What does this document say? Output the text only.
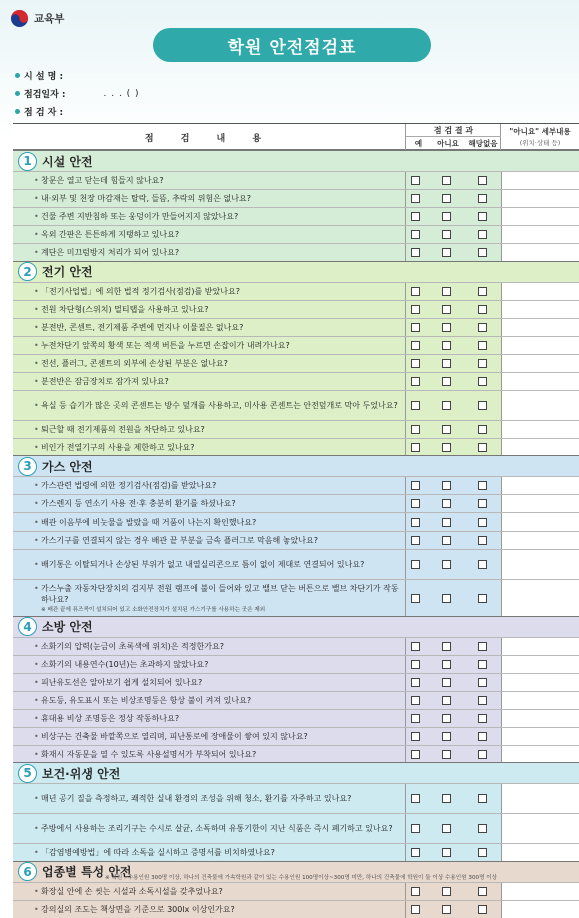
교육부
학원 안전점검표
시 설 명 :
점검일자 :	. . . ( )
점 검 자 :
점 검 내 용
점 검 결 과
예	아니요	해당없음
"아니요" 세부내용
(위치·상태 등)
1 시설 안전
• 창문은 열고 닫는데 힘들지 않나요?
• 내·외부 및 천장 마감재는 탈락, 들뜸, 추락의 위험은 없나요?
• 건물 주변 지반침하 또는 웅덩이가 만들어지지 않았나요?
• 옥외 간판은 튼튼하게 지탱하고 있나요?
• 계단은 미끄럼방지 처리가 되어 있나요?
2 전기 안전
• 「전기사업법」에 의한 법적 정기검사(점검)를 받았나요?
• 전원 차단형(스위치) 멀티탭을 사용하고 있나요?
• 분전반, 콘센트, 전기제품 주변에 먼지나 이물질은 없나요?
• 누전차단기 앞쪽의 황색 또는 적색 버튼을 누르면 손잡이가 내려가나요?
• 전선, 플러그, 콘센트의 외부에 손상된 부분은 없나요?
• 분전반은 잠금장치로 잠가져 있나요?
• 욕실 등 습기가 많은 곳의 콘센트는 방수 덮개를 사용하고, 미사용 콘센트는 안전덮개로 막아 두었나요?
• 퇴근할 때 전기제품의 전원을 차단하고 있나요?
• 비인가 전열기구의 사용을 제한하고 있나요?
3 가스 안전
• 가스관련 법령에 의한 정기검사(점검)를 받았나요?
• 가스렌지 등 연소기 사용 전·후 충분히 환기를 하셨나요?
• 배관 이음부에 비눗물을 발랐을 때 거품이 나는지 확인했나요?
• 가스기구를 연결되지 않는 경우 배관 끝 부분을 금속 플러그로 막음해 놓았나요?
• 배기통은 이탈되거나 손상된 부위가 없고 내열실리콘으로 틈이 없이 제대로 연결되어 있나요?
• 가스누출 자동차단장치의 검지부 전원 램프에 불이 들어와 있고 밸브 닫는 버튼으로 밸브 차단기가 작동 하나요?
※ 배관 끝에 퓨즈콕이 설치되어 있고 소화안전장치가 설치된 가스기구를 사용하는 곳은 제외
4 소방 안전
• 소화기의 압력(눈금이 초록색에 위치)은 적정한가요?
• 소화기의 내용연수(10년)는 초과하지 않았나요?
• 피난유도선은 알아보기 쉽게 설치되어 있나요?
• 유도등, 유도표시 또는 비상조명등은 항상 불이 켜져 있나요?
• 휴대용 비상 조명등은 정상 작동하나요?
• 비상구는 건축물 바깥쪽으로 열리며, 피난통로에 장애물이 쌓여 있지 않나요?
• 화재시 자동문을 열 수 있도록 사용설명서가 부착되어 있나요?
5 보건·위생 안전
• 매년 공기 질을 측정하고, 쾌적한 실내 환경의 조성을 위해 청소, 환기를 자주하고 있나요?
• 주방에서 사용하는 조리기구는 수시로 살균, 소독하며 유통기한이 지난 식품은 즉시 폐기하고 있나요?
• 「감염병예방법」에 따라 소독을 실시하고 증명서를 비치하였나요?
6 업종별 특성 안전
• 화장실 안에 손 씻는 시설과 소독시설을 갖추었나요?
• 강의실의 조도는 책상면을 기준으로 300lx 이상인가요?
※ 학원 : 수용인원 300명 이상, 하나의 건축물에 가속학원과 같이 있는 수용인원 100명이상~300명 미만, 하나의 건축물에 학원이 둘 이상 수용인원 300명 이상
